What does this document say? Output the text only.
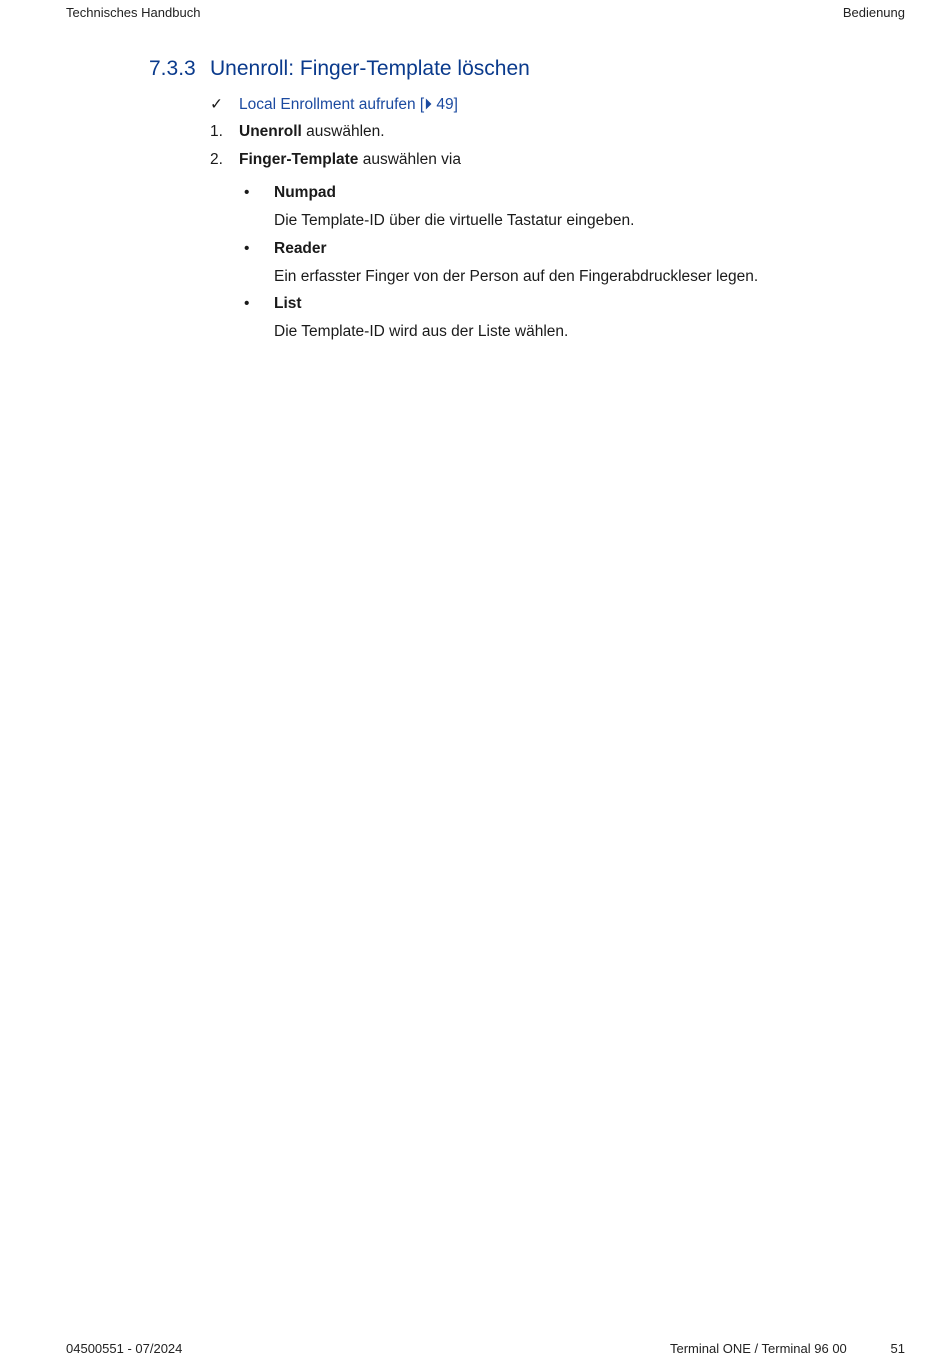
Technisches Handbuch	Bedienung
7.3.3 Unenroll: Finger-Template löschen
✓ Local Enrollment aufrufen [⏵ 49]
1. Unenroll auswählen.
2. Finger-Template auswählen via
• Numpad
Die Template-ID über die virtuelle Tastatur eingeben.
• Reader
Ein erfasster Finger von der Person auf den Fingerabdruckleser legen.
• List
Die Template-ID wird aus der Liste wählen.
04500551 - 07/2024	Terminal ONE / Terminal 96 00	51
